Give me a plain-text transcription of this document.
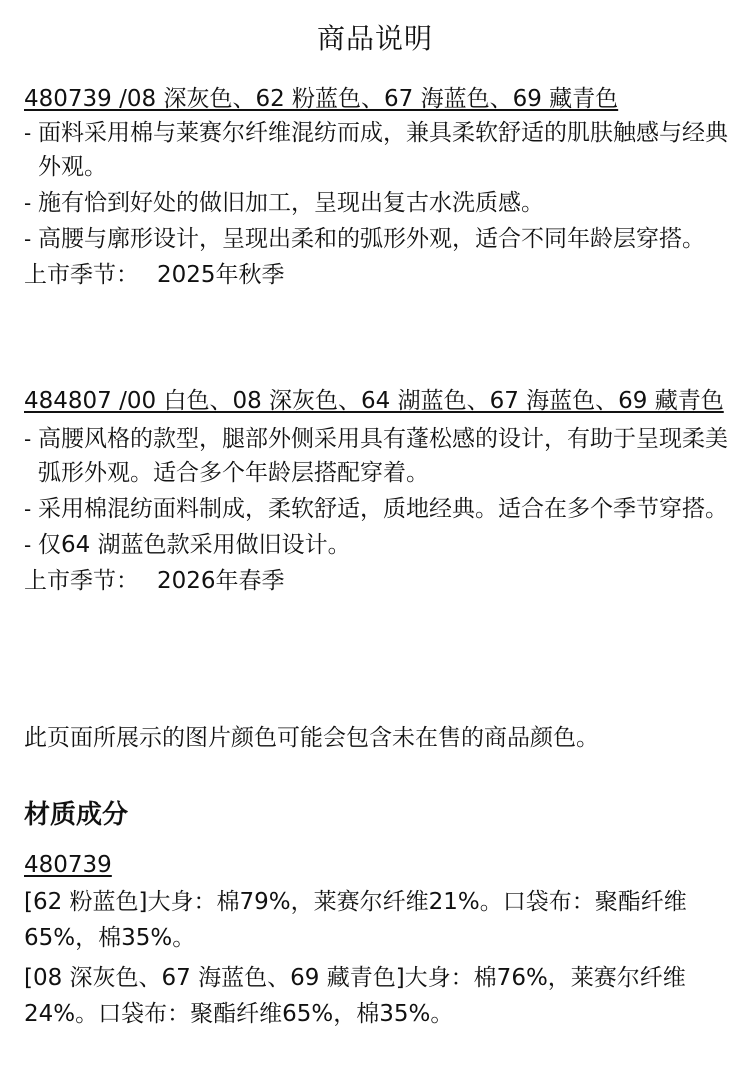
商品说明

480739 /08 深灰色、62 粉蓝色、67 海蓝色、69 藏青色

- 面料采用棉与莱赛尔纤维混纺而成，兼具柔软舒适的肌肤触感与经典外观。
- 施有恰到好处的做旧加工，呈现出复古水洗质感。
- 高腰与廓形设计，呈现出柔和的弧形外观，适合不同年龄层穿搭。

上市季节： 2025年秋季

484807 /00 白色、08 深灰色、64 湖蓝色、67 海蓝色、69 藏青色

- 高腰风格的款型，腿部外侧采用具有蓬松感的设计，有助于呈现柔美弧形外观。适合多个年龄层搭配穿着。
- 采用棉混纺面料制成，柔软舒适，质地经典。适合在多个季节穿搭。
- 仅64 湖蓝色款采用做旧设计。

上市季节： 2026年春季

此页面所展示的图片颜色可能会包含未在售的商品颜色。
材质成分
480739
[62 粉蓝色]大身：棉79%，莱赛尔纤维21%。口袋布：聚酯纤维65%，棉35%。
[08 深灰色、67 海蓝色、69 藏青色]大身：棉76%，莱赛尔纤维24%。口袋布：聚酯纤维65%，棉35%。
